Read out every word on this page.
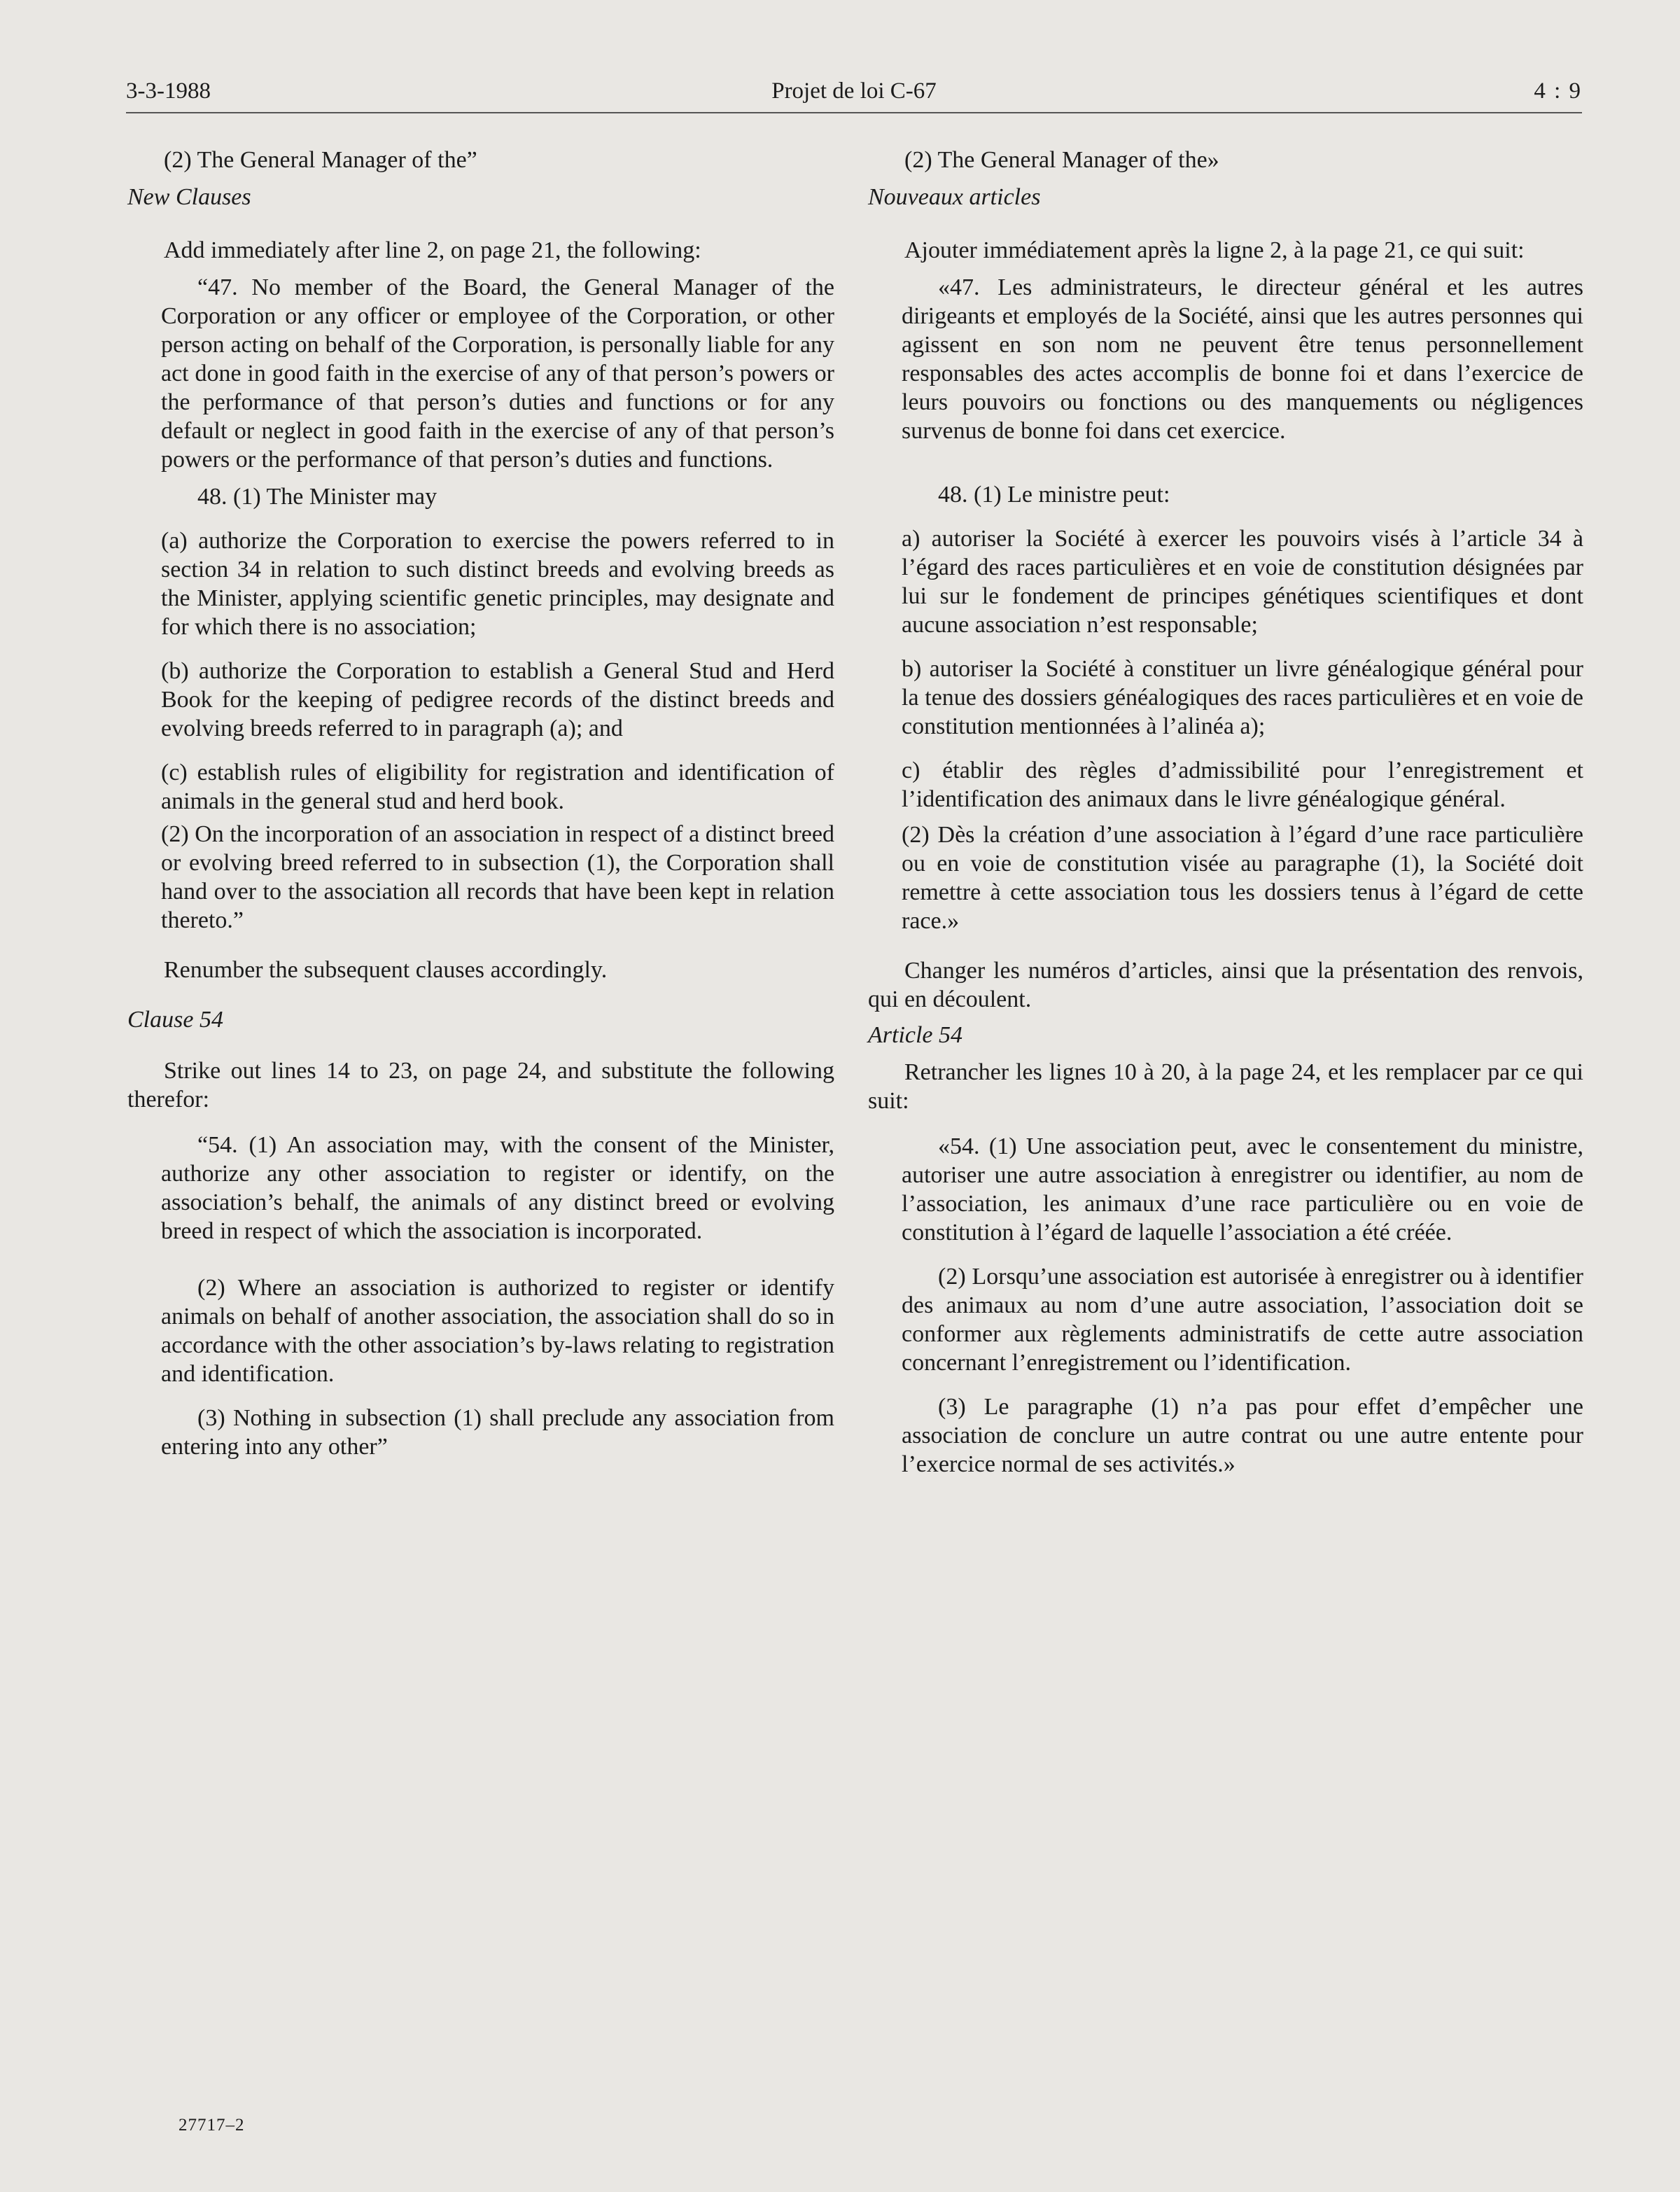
3-3-1988	Projet de loi C-67	4 : 9

(2) The General Manager of the”

New Clauses

Add immediately after line 2, on page 21, the following:

“47. No member of the Board, the General Manager of the Corporation or any officer or employee of the Corporation, or other person acting on behalf of the Corporation, is personally liable for any act done in good faith in the exercise of any of that person’s powers or the performance of that person’s duties and functions or for any default or neglect in good faith in the exercise of any of that person’s powers or the performance of that person’s duties and functions.

48. (1) The Minister may

(a) authorize the Corporation to exercise the powers referred to in section 34 in relation to such distinct breeds and evolving breeds as the Minister, applying scientific genetic principles, may designate and for which there is no association;

(b) authorize the Corporation to establish a General Stud and Herd Book for the keeping of pedigree records of the distinct breeds and evolving breeds referred to in paragraph (a); and

(c) establish rules of eligibility for registration and identification of animals in the general stud and herd book.

(2) On the incorporation of an association in respect of a distinct breed or evolving breed referred to in subsection (1), the Corporation shall hand over to the association all records that have been kept in relation thereto.”

Renumber the subsequent clauses accordingly.

Clause 54

Strike out lines 14 to 23, on page 24, and substitute the following therefor:

“54. (1) An association may, with the consent of the Minister, authorize any other association to register or identify, on the association’s behalf, the animals of any distinct breed or evolving breed in respect of which the association is incorporated.

(2) Where an association is authorized to register or identify animals on behalf of another association, the association shall do so in accordance with the other association’s by-laws relating to registration and identification.

(3) Nothing in subsection (1) shall preclude any association from entering into any other”

(2) The General Manager of the»

Nouveaux articles

Ajouter immédiatement après la ligne 2, à la page 21, ce qui suit:

«47. Les administrateurs, le directeur général et les autres dirigeants et employés de la Société, ainsi que les autres personnes qui agissent en son nom ne peuvent être tenus personnellement responsables des actes accomplis de bonne foi et dans l’exercice de leurs pouvoirs ou fonctions ou des manquements ou négligences survenus de bonne foi dans cet exercice.

48. (1) Le ministre peut:

a) autoriser la Société à exercer les pouvoirs visés à l’article 34 à l’égard des races particulières et en voie de constitution désignées par lui sur le fondement de principes génétiques scientifiques et dont aucune association n’est responsable;

b) autoriser la Société à constituer un livre généalogique général pour la tenue des dossiers généalogiques des races particulières et en voie de constitution mentionnées à l’alinéa a);

c) établir des règles d’admissibilité pour l’enregistrement et l’identification des animaux dans le livre généalogique général.

(2) Dès la création d’une association à l’égard d’une race particulière ou en voie de constitution visée au paragraphe (1), la Société doit remettre à cette association tous les dossiers tenus à l’égard de cette race.»

Changer les numéros d’articles, ainsi que la présentation des renvois, qui en découlent.

Article 54

Retrancher les lignes 10 à 20, à la page 24, et les remplacer par ce qui suit:

«54. (1) Une association peut, avec le consentement du ministre, autoriser une autre association à enregistrer ou identifier, au nom de l’association, les animaux d’une race particulière ou en voie de constitution à l’égard de laquelle l’association a été créée.

(2) Lorsqu’une association est autorisée à enregistrer ou à identifier des animaux au nom d’une autre association, l’association doit se conformer aux règlements administratifs de cette autre association concernant l’enregistrement ou l’identification.

(3) Le paragraphe (1) n’a pas pour effet d’empêcher une association de conclure un autre contrat ou une autre entente pour l’exercice normal de ses activités.»

27717–2
